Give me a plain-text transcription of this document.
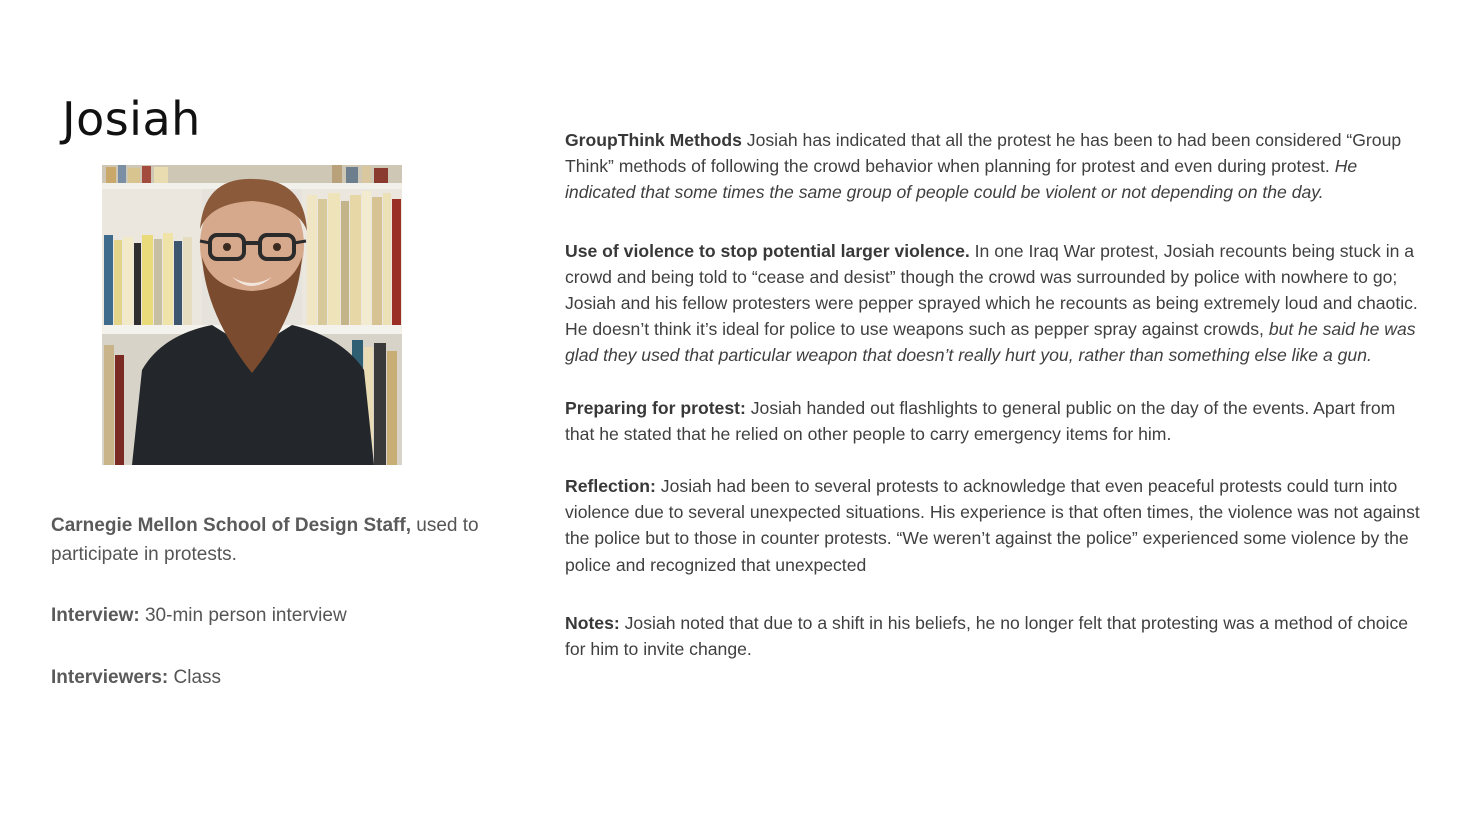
Josiah

Carnegie Mellon School of Design Staff, used to participate in protests.

Interview: 30-min person interview

Interviewers: Class

GroupThink Methods Josiah has indicated that all the protest he has been to had been considered “Group Think” methods of following the crowd behavior when planning for protest and even during protest. He indicated that some times the same group of people could be violent or not depending on the day.

Use of violence to stop potential larger violence. In one Iraq War protest, Josiah recounts being stuck in a crowd and being told to “cease and desist” though the crowd was surrounded by police with nowhere to go; Josiah and his fellow protesters were pepper sprayed which he recounts as being extremely loud and chaotic. He doesn’t think it’s ideal for police to use weapons such as pepper spray against crowds, but he said he was glad they used that particular weapon that doesn’t really hurt you, rather than something else like a gun.

Preparing for protest: Josiah handed out flashlights to general public on the day of the events. Apart from that he stated that he relied on other people to carry emergency items for him.

Reflection: Josiah had been to several protests to acknowledge that even peaceful protests could turn into violence due to several unexpected situations. His experience is that often times, the violence was not against the police but to those in counter protests. “We weren’t against the police” experienced some violence by the police and recognized that unexpected

Notes: Josiah noted that due to a shift in his beliefs, he no longer felt that protesting was a method of choice for him to invite change.
